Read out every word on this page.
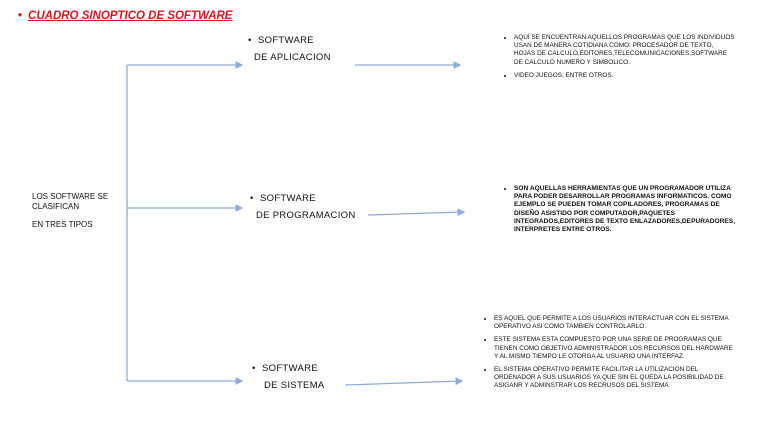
• CUADRO SINOPTICO DE SOFTWARE
LOS SOFTWARE SE CLASIFICAN
EN TRES TIPOS
• SOFTWARE
DE APLICACION
• SOFTWARE
DE PROGRAMACION
• SOFTWARE
DE SISTEMA
• AQUÍ SE ENCUENTRAN AQUELLOS PROGRAMAS QUE LOS INDIVIDUOS USAN DE MANERA COTIDIANA COMO: PROCESADOR DE TEXTO, HOJAS DE CALCULO,EDITORES,TELECOMUNICACIONES,SOFTWARE DE CALCULO NUMERO Y SIMBOLICO.
• VIDEO JUEGOS, ENTRE OTROS.
• SON AQUELLAS HERRAMIENTAS QUE UN PROGRAMADOR UTILIZA PARA PODER DESARROLLAR PROGRAMAS INFORMATICOS. COMO EJEMPLO SE PUEDEN TOMAR COPILADORES, PROGRAMAS DE DISEÑO ASISTIDO POR COMPUTADOR,PAQUETES INTEGRADOS,EDITORES DE TEXTO ENLAZADORES,DEPURADORES, INTERPRETES ENTRE OTROS.
• ES AQUEL QUE PERMITE A LOS USUARIOS INTERACTUAR CON EL SISTEMA OPERATIVO ASI COMO TAMBIEN CONTROLARLO.
• ESTE SISTEMA ESTA COMPUESTO POR UNA SERIE DE PROGRAMAS QUE TIENEN COMO OBJETIVO ADMINISTRADOR LOS RECURSOS DEL HARDWARE Y AL MISMO TIEMPO LE OTORGA AL USUARIO UNA INTERFAZ.
• EL SISTEMA OPERATIVO PERMITE FACILITAR LA UTILIZACION DEL ORDENADOR A SUS USUARIOS YA QUE SIN EL QUEDA LA POSIBILIDAD DE ASIGANR Y ADMINSTRAR LOS RECRUSOS DEL SISTEMA
